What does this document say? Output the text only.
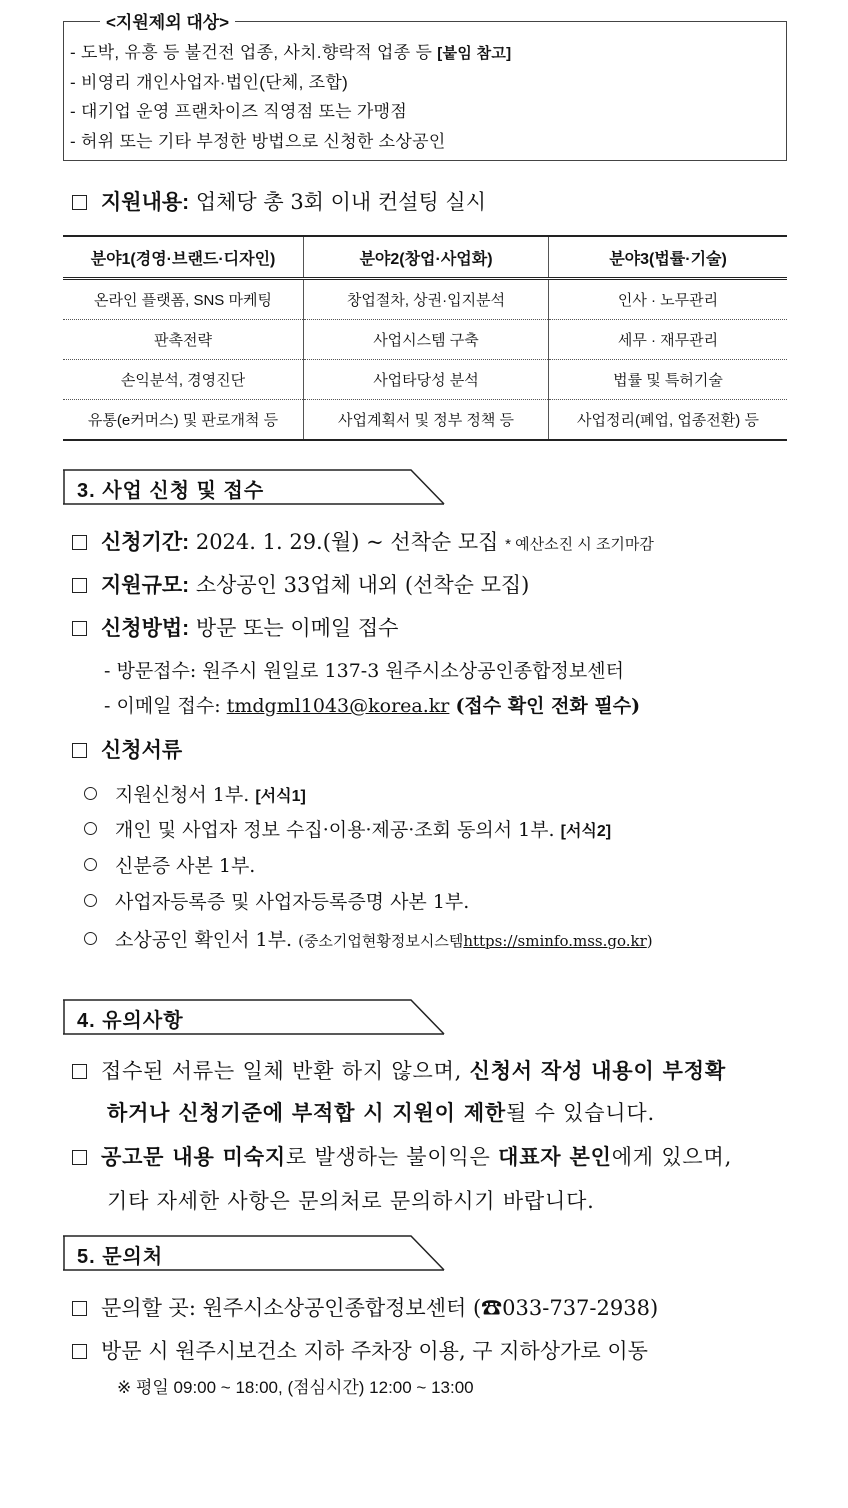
<지원제외 대상>
- 도박, 유흥 등 불건전 업종, 사치.향락적 업종 등 [붙임 참고]
- 비영리 개인사업자·법인(단체, 조합)
- 대기업 운영 프랜차이즈 직영점 또는 가맹점
- 허위 또는 기타 부정한 방법으로 신청한 소상공인
지원내용: 업체당 총 3회 이내 컨설팅 실시
분야1(경영·브랜드·디자인)	분야2(창업·사업화)	분야3(법률·기술)
온라인 플랫폼, SNS 마케팅	창업절차, 상권·입지분석	인사 · 노무관리
판촉전략	사업시스템 구축	세무 · 재무관리
손익분석, 경영진단	사업타당성 분석	법률 및 특허기술
유통(e커머스) 및 판로개척 등	사업계획서 및 정부 정책 등	사업정리(폐업, 업종전환) 등
3. 사업 신청 및 접수
신청기간: 2024. 1. 29.(월) ~ 선착순 모집 * 예산소진 시 조기마감
지원규모: 소상공인 33업체 내외 (선착순 모집)
신청방법: 방문 또는 이메일 접수
- 방문접수: 원주시 원일로 137-3 원주시소상공인종합정보센터
- 이메일 접수: tmdgml1043@korea.kr (접수 확인 전화 필수)
신청서류
지원신청서 1부. [서식1]
개인 및 사업자 정보 수집·이용·제공·조회 동의서 1부. [서식2]
신분증 사본 1부.
사업자등록증 및 사업자등록증명 사본 1부.
소상공인 확인서 1부. (중소기업현황정보시스템https://sminfo.mss.go.kr)
4. 유의사항
접수된 서류는 일체 반환 하지 않으며, 신청서 작성 내용이 부정확
하거나 신청기준에 부적합 시 지원이 제한될 수 있습니다.
공고문 내용 미숙지로 발생하는 불이익은 대표자 본인에게 있으며,
기타 자세한 사항은 문의처로 문의하시기 바랍니다.
5. 문의처
문의할 곳: 원주시소상공인종합정보센터 (☎033-737-2938)
방문 시 원주시보건소 지하 주차장 이용, 구 지하상가로 이동
※ 평일 09:00 ~ 18:00, (점심시간) 12:00 ~ 13:00
